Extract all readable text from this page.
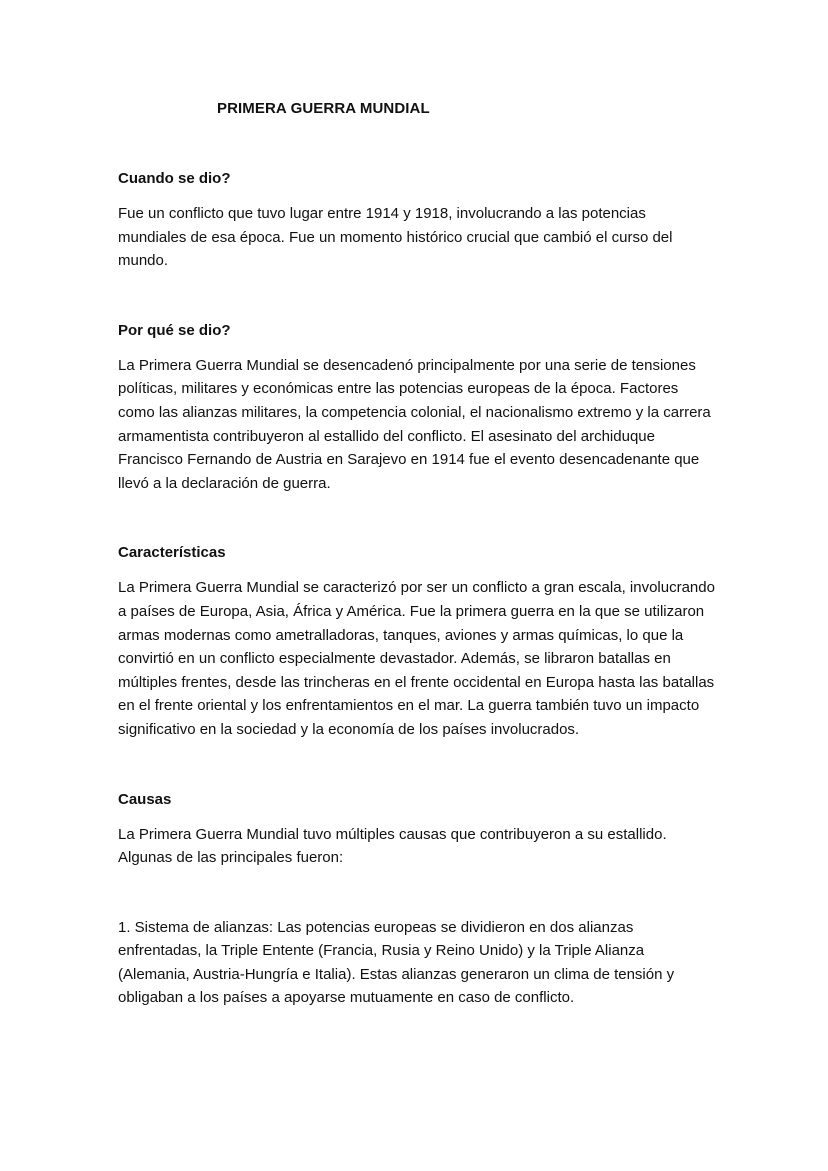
PRIMERA GUERRA MUNDIAL
Cuando se dio?

Fue un conflicto que tuvo lugar entre 1914 y 1918, involucrando a las potencias mundiales de esa época. Fue un momento histórico crucial que cambió el curso del mundo.

Por qué se dio?

La Primera Guerra Mundial se desencadenó principalmente por una serie de tensiones políticas, militares y económicas entre las potencias europeas de la época. Factores como las alianzas militares, la competencia colonial, el nacionalismo extremo y la carrera armamentista contribuyeron al estallido del conflicto. El asesinato del archiduque Francisco Fernando de Austria en Sarajevo en 1914 fue el evento desencadenante que llevó a la declaración de guerra.

Características

La Primera Guerra Mundial se caracterizó por ser un conflicto a gran escala, involucrando a países de Europa, Asia, África y América. Fue la primera guerra en la que se utilizaron armas modernas como ametralladoras, tanques, aviones y armas químicas, lo que la convirtió en un conflicto especialmente devastador. Además, se libraron batallas en múltiples frentes, desde las trincheras en el frente occidental en Europa hasta las batallas en el frente oriental y los enfrentamientos en el mar. La guerra también tuvo un impacto significativo en la sociedad y la economía de los países involucrados.

Causas

La Primera Guerra Mundial tuvo múltiples causas que contribuyeron a su estallido. Algunas de las principales fueron:

1. Sistema de alianzas: Las potencias europeas se dividieron en dos alianzas enfrentadas, la Triple Entente (Francia, Rusia y Reino Unido) y la Triple Alianza (Alemania, Austria-Hungría e Italia). Estas alianzas generaron un clima de tensión y obligaban a los países a apoyarse mutuamente en caso de conflicto.
